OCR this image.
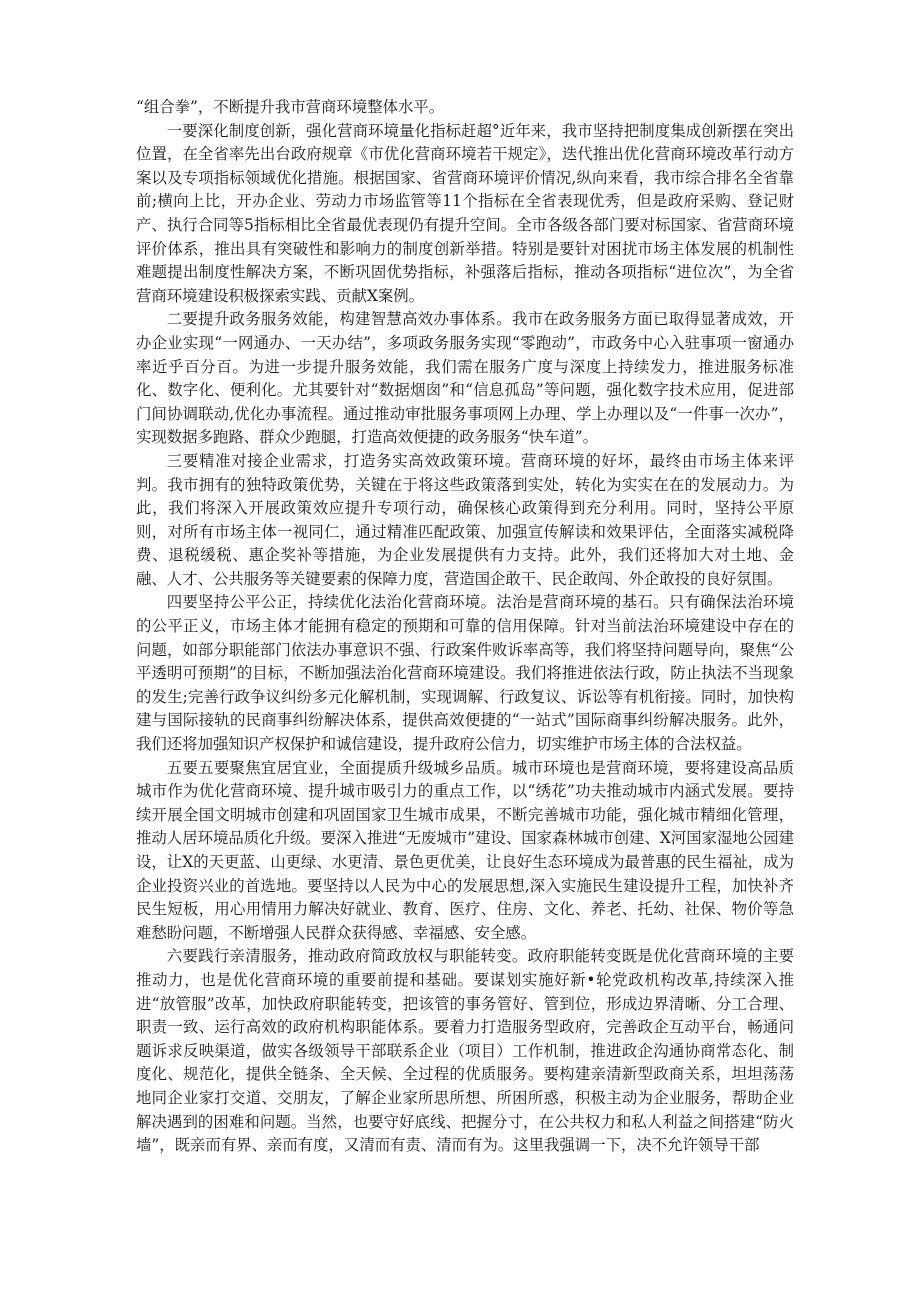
“组合拳”，不断提升我市营商环境整体水平。

一要深化制度创新，强化营商环境量化指标赶超°近年来，我市坚持把制度集成创新摆在突出位置，在全省率先出台政府规章《市优化营商环境若干规定》，迭代推出优化营商环境改革行动方案以及专项指标领域优化措施。根据国家、省营商环境评价情况,纵向来看，我市综合排名全省靠前;横向上比，开办企业、劳动力市场监管等11个指标在全省表现优秀，但是政府采购、登记财产、执行合同等5指标相比全省最优表现仍有提升空间。全市各级各部门要对标国家、省营商环境评价体系，推出具有突破性和影响力的制度创新举措。特别是要针对困扰市场主体发展的机制性难题提出制度性解决方案，不断巩固优势指标，补强落后指标，推动各项指标“进位次”，为全省营商环境建设积极探索实践、贡献X案例。

二要提升政务服务效能，构建智慧高效办事体系。我市在政务服务方面已取得显著成效，开办企业实现“一网通办、一天办结”，多项政务服务实现“零跑动”，市政务中心入驻事项一窗通办率近乎百分百。为进一步提升服务效能，我们需在服务广度与深度上持续发力，推进服务标准化、数字化、便利化。尤其要针对“数据烟囱”和“信息孤岛”等问题，强化数字技术应用，促进部门间协调联动,优化办事流程。通过推动审批服务事项网上办理、学上办理以及“一件事一次办”，实现数据多跑路、群众少跑腿，打造高效便捷的政务服务“快车道”。

三要精准对接企业需求，打造务实高效政策环境。营商环境的好坏，最终由市场主体来评判。我市拥有的独特政策优势，关键在于将这些政策落到实处，转化为实实在在的发展动力。为此，我们将深入开展政策效应提升专项行动，确保核心政策得到充分利用。同时，坚持公平原则，对所有市场主体一视同仁，通过精准匹配政策、加强宣传解读和效果评估，全面落实减税降费、退税缓税、惠企奖补等措施，为企业发展提供有力支持。此外，我们还将加大对土地、金融、人才、公共服务等关键要素的保障力度，营造国企敢干、民企敢闯、外企敢投的良好氛围。

四要坚持公平公正，持续优化法治化营商环境。法治是营商环境的基石。只有确保法治环境的公平正义，市场主体才能拥有稳定的预期和可靠的信用保障。针对当前法治环境建设中存在的问题，如部分职能部门依法办事意识不强、行政案件败诉率高等，我们将坚持问题导向，聚焦“公平透明可预期”的目标，不断加强法治化营商环境建设。我们将推进依法行政，防止执法不当现象的发生;完善行政争议纠纷多元化解机制，实现调解、行政复议、诉讼等有机衔接。同时，加快构建与国际接轨的民商事纠纷解决体系，提供高效便捷的“一站式”国际商事纠纷解决服务。此外，我们还将加强知识产权保护和诚信建设，提升政府公信力，切实维护市场主体的合法权益。

五要五要聚焦宜居宜业，全面提质升级城乡品质。城市环境也是营商环境，要将建设高品质城市作为优化营商环境、提升城市吸引力的重点工作，以“绣花”功夫推动城市内涵式发展。要持续开展全国文明城市创建和巩固国家卫生城市成果，不断完善城市功能，强化城市精细化管理，推动人居环境品质化升级。要深入推进“无废城市”建设、国家森林城市创建、X河国家湿地公园建设，让X的天更蓝、山更绿、水更清、景色更优美，让良好生态环境成为最普惠的民生福祉，成为企业投资兴业的首选地。要坚持以人民为中心的发展思想,深入实施民生建设提升工程，加快补齐民生短板，用心用情用力解决好就业、教育、医疗、住房、文化、养老、托幼、社保、物价等急难愁盼问题，不断增强人民群众获得感、幸福感、安全感。

六要践行亲清服务，推动政府简政放权与职能转变。政府职能转变既是优化营商环境的主要推动力，也是优化营商环境的重要前提和基础。要谋划实施好新•轮党政机构改革,持续深入推进“放管服”改革，加快政府职能转变，把该管的事务管好、管到位，形成边界清晰、分工合理、职责一致、运行高效的政府机构职能体系。要着力打造服务型政府，完善政企互动平台，畅通问题诉求反映渠道，做实各级领导干部联系企业（项目）工作机制，推进政企沟通协商常态化、制度化、规范化，提供全链条、全天候、全过程的优质服务。要构建亲清新型政商关系，坦坦荡荡地同企业家打交道、交朋友，了解企业家所思所想、所困所惑，积极主动为企业服务，帮助企业解决遇到的困难和问题。当然，也要守好底线、把握分寸，在公共权力和私人利益之间搭建“防火墙”，既亲而有界、亲而有度，又清而有责、清而有为。这里我强调一下，决不允许领导干部
